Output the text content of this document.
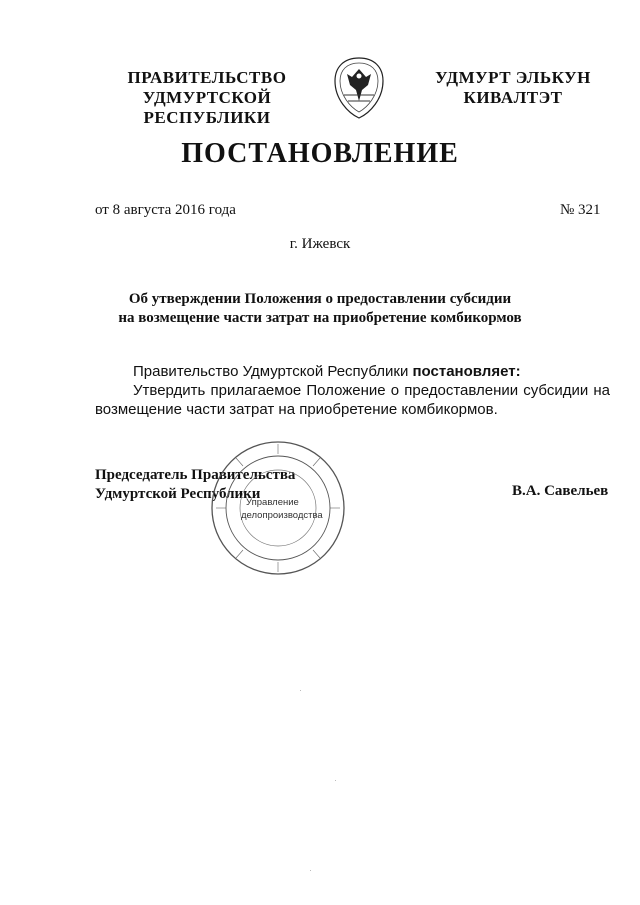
ПРАВИТЕЛЬСТВО
УДМУРТСКОЙ РЕСПУБЛИКИ
УДМУРТ ЭЛЬКУН
КИВАЛТЭТ
ПОСТАНОВЛЕНИЕ
от 8 августа 2016 года	№ 321
г. Ижевск
Об утверждении Положения о предоставлении субсидии
на возмещение части затрат на приобретение комбикормов
Правительство Удмуртской Республики постановляет:
Утвердить прилагаемое Положение о предоставлении субсидии на возмещение части затрат на приобретение комбикормов.
Председатель Правительства
Удмуртской Республики
Управление
делопроизводства
В.А. Савельев
